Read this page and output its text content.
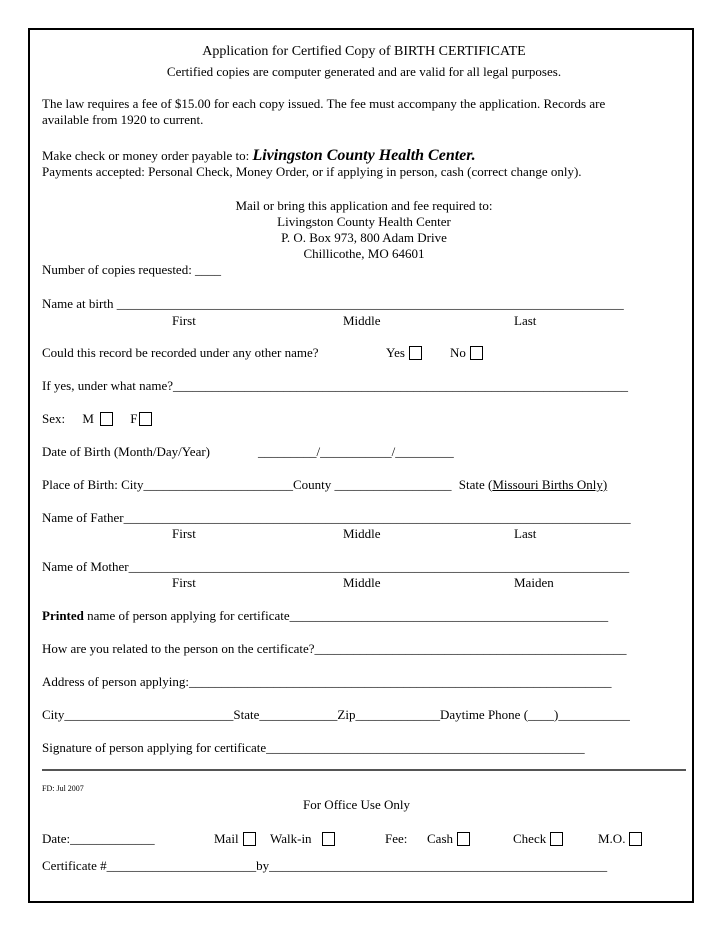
Application for Certified Copy of BIRTH CERTIFICATE
Certified copies are computer generated and are valid for all legal purposes.
The law requires a fee of $15.00 for each copy issued. The fee must accompany the application. Records are
available from 1920 to current.
Make check or money order payable to: Livingston County Health Center.
Payments accepted: Personal Check, Money Order, or if applying in person, cash (correct change only).
Mail or bring this application and fee required to:
Livingston County Health Center
P. O. Box 973, 800 Adam Drive
Chillicothe, MO 64601
Number of copies requested: ____
Name at birth ______________________________________________________________________________
First	Middle	Last
Could this record be recorded under any other name?	Yes	No
If yes, under what name?______________________________________________________________________
Sex: M	F
Date of Birth (Month/Day/Year)	_________/___________/_________
Place of Birth: City_______________________County __________________ State (Missouri Births Only)
Name of Father______________________________________________________________________________
First	Middle	Last
Name of Mother_____________________________________________________________________________
First	Middle	Maiden
Printed name of person applying for certificate_________________________________________________
How are you related to the person on the certificate?________________________________________________
Address of person applying:_________________________________________________________________
City__________________________State____________Zip_____________Daytime Phone (____)___________
Signature of person applying for certificate_________________________________________________
FD: Jul 2007
For Office Use Only
Date:_____________	Mail	Walk-in	Fee: Cash	Check	M.O.
Certificate #_______________________by____________________________________________________
